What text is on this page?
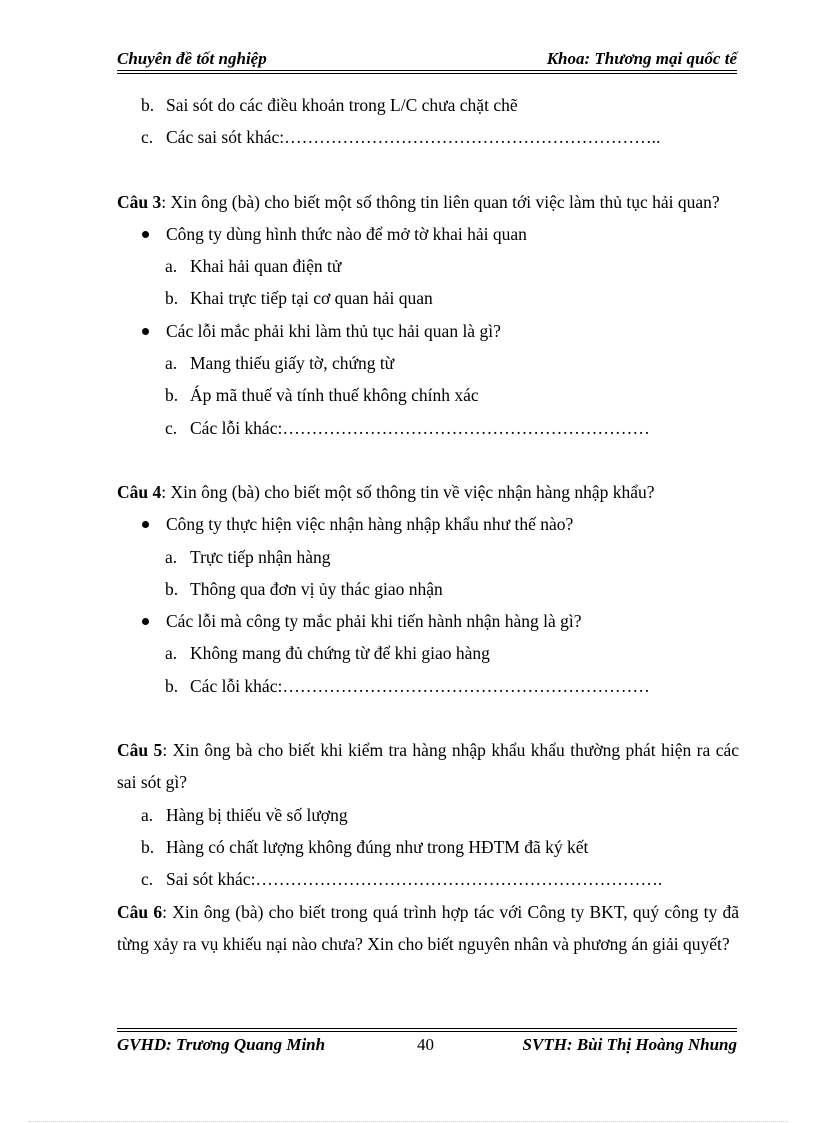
Chuyên đề tốt nghiệp	Khoa: Thương mại quốc tế

b. Sai sót do các điều khoản trong L/C chưa chặt chẽ

c. Các sai sót khác:………………………………………………………..

Câu 3: Xin ông (bà) cho biết một số thông tin liên quan tới việc làm thủ tục hải quan?

Công ty dùng hình thức nào để mở tờ khai hải quan

a. Khai hải quan điện tử

b. Khai trực tiếp tại cơ quan hải quan

Các lỗi mắc phải khi làm thủ tục hải quan là gì?

a. Mang thiếu giấy tờ, chứng từ

b. Áp mã thuế và tính thuế không chính xác

c. Các lỗi khác:………………………………………………………

Câu 4: Xin ông (bà) cho biết một số thông tin về việc nhận hàng nhập khẩu?

Công ty thực hiện việc nhận hàng nhập khẩu như thế nào?

a. Trực tiếp nhận hàng

b. Thông qua đơn vị ủy thác giao nhận

Các lỗi mà công ty mắc phải khi tiến hành nhận hàng là gì?

a. Không mang đủ chứng từ để khi giao hàng

b. Các lỗi khác:………………………………………………………

Câu 5: Xin ông bà cho biết khi kiểm tra hàng nhập khẩu khẩu thường phát hiện ra các sai sót gì?

a. Hàng bị thiếu về số lượng

b. Hàng có chất lượng không đúng như trong HĐTM đã ký kết

c. Sai sót khác:…………………………………………………………….

Câu 6: Xin ông (bà) cho biết trong quá trình hợp tác với Công ty BKT, quý công ty đã từng xảy ra vụ khiếu nại nào chưa? Xin cho biết nguyên nhân và phương án giải quyết?

GVHD: Trương Quang Minh	40	SVTH: Bùi Thị Hoàng Nhung
